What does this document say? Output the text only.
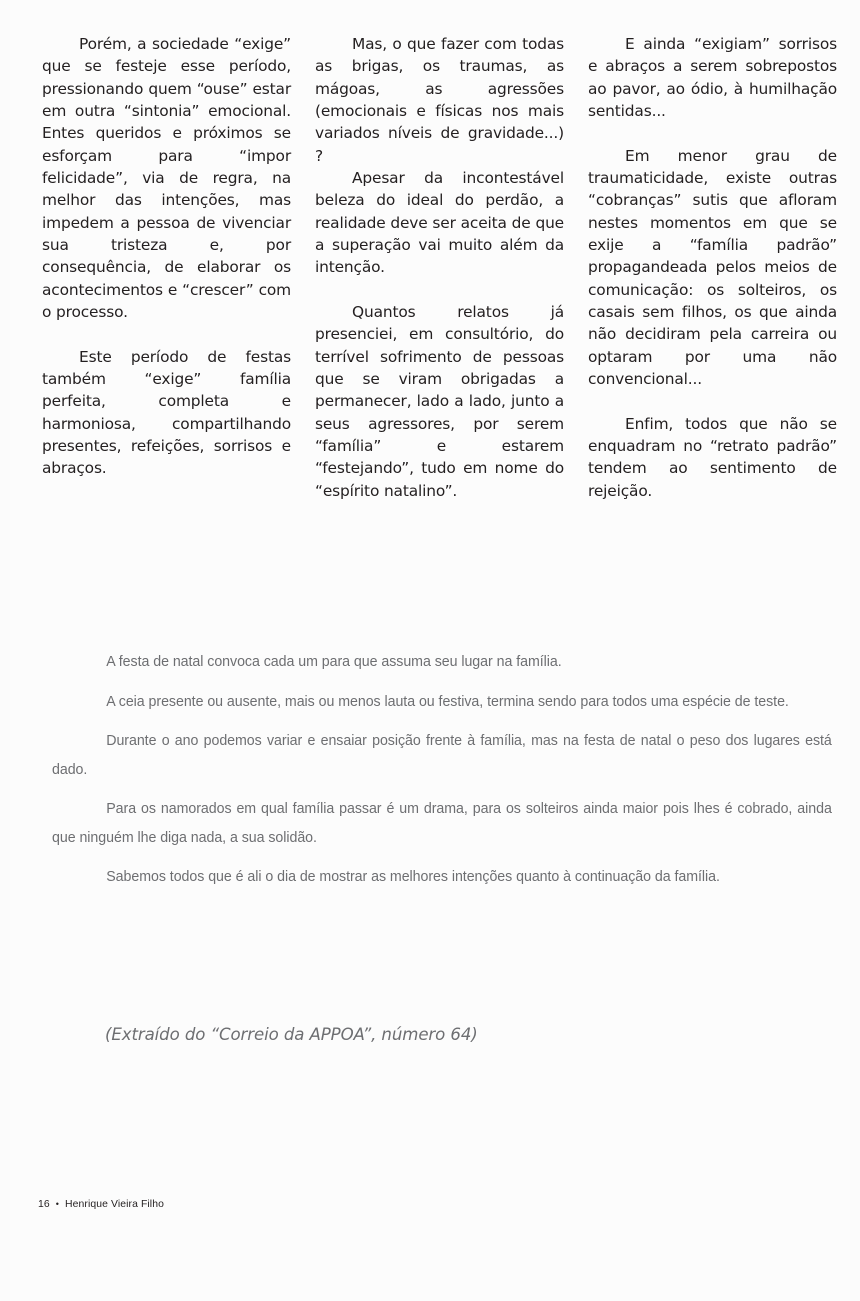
Porém, a sociedade “exige” que se festeje esse período, pressionando quem “ouse” estar em outra “sintonia” emocional. Entes queridos e próximos se esforçam para “impor felicidade”, via de regra, na melhor das intenções, mas impedem a pessoa de vivenciar sua tristeza e, por consequência, de elaborar os acontecimentos e “crescer” com o processo.

Este período de festas também “exige” família perfeita, completa e harmoniosa, compartilhando presentes, refeições, sorrisos e abraços.

Mas, o que fazer com todas as brigas, os traumas, as mágoas, as agressões (emocionais e físicas nos mais variados níveis de gravidade...) ?

Apesar da incontestável beleza do ideal do perdão, a realidade deve ser aceita de que a superação vai muito além da intenção.

Quantos relatos já presenciei, em consultório, do terrível sofrimento de pessoas que se viram obrigadas a permanecer, lado a lado, junto a seus agressores, por serem “família” e estarem “festejando”, tudo em nome do “espírito natalino”.

E ainda “exigiam” sorrisos e abraços a serem sobrepostos ao pavor, ao ódio, à humilhação sentidas...

Em menor grau de traumaticidade, existe outras “cobranças” sutis que afloram nestes momentos em que se exije a “família padrão” propagandeada pelos meios de comunicação: os solteiros, os casais sem filhos, os que ainda não decidiram pela carreira ou optaram por uma não convencional...

Enfim, todos que não se enquadram no “retrato padrão” tendem ao sentimento de rejeição.

A festa de natal convoca cada um para que assuma seu lugar na família.

A ceia presente ou ausente, mais ou menos lauta ou festiva, termina sendo para todos uma espécie de teste.

Durante o ano podemos variar e ensaiar posição frente à família, mas na festa de natal o peso dos lugares está dado.

Para os namorados em qual família passar é um drama, para os solteiros ainda maior pois lhes é cobrado, ainda que ninguém lhe diga nada, a sua solidão.

Sabemos todos que é ali o dia de mostrar as melhores intenções quanto à continuação da família.

(Extraído do “Correio da APPOA”, número 64)
16 • Henrique Vieira Filho
